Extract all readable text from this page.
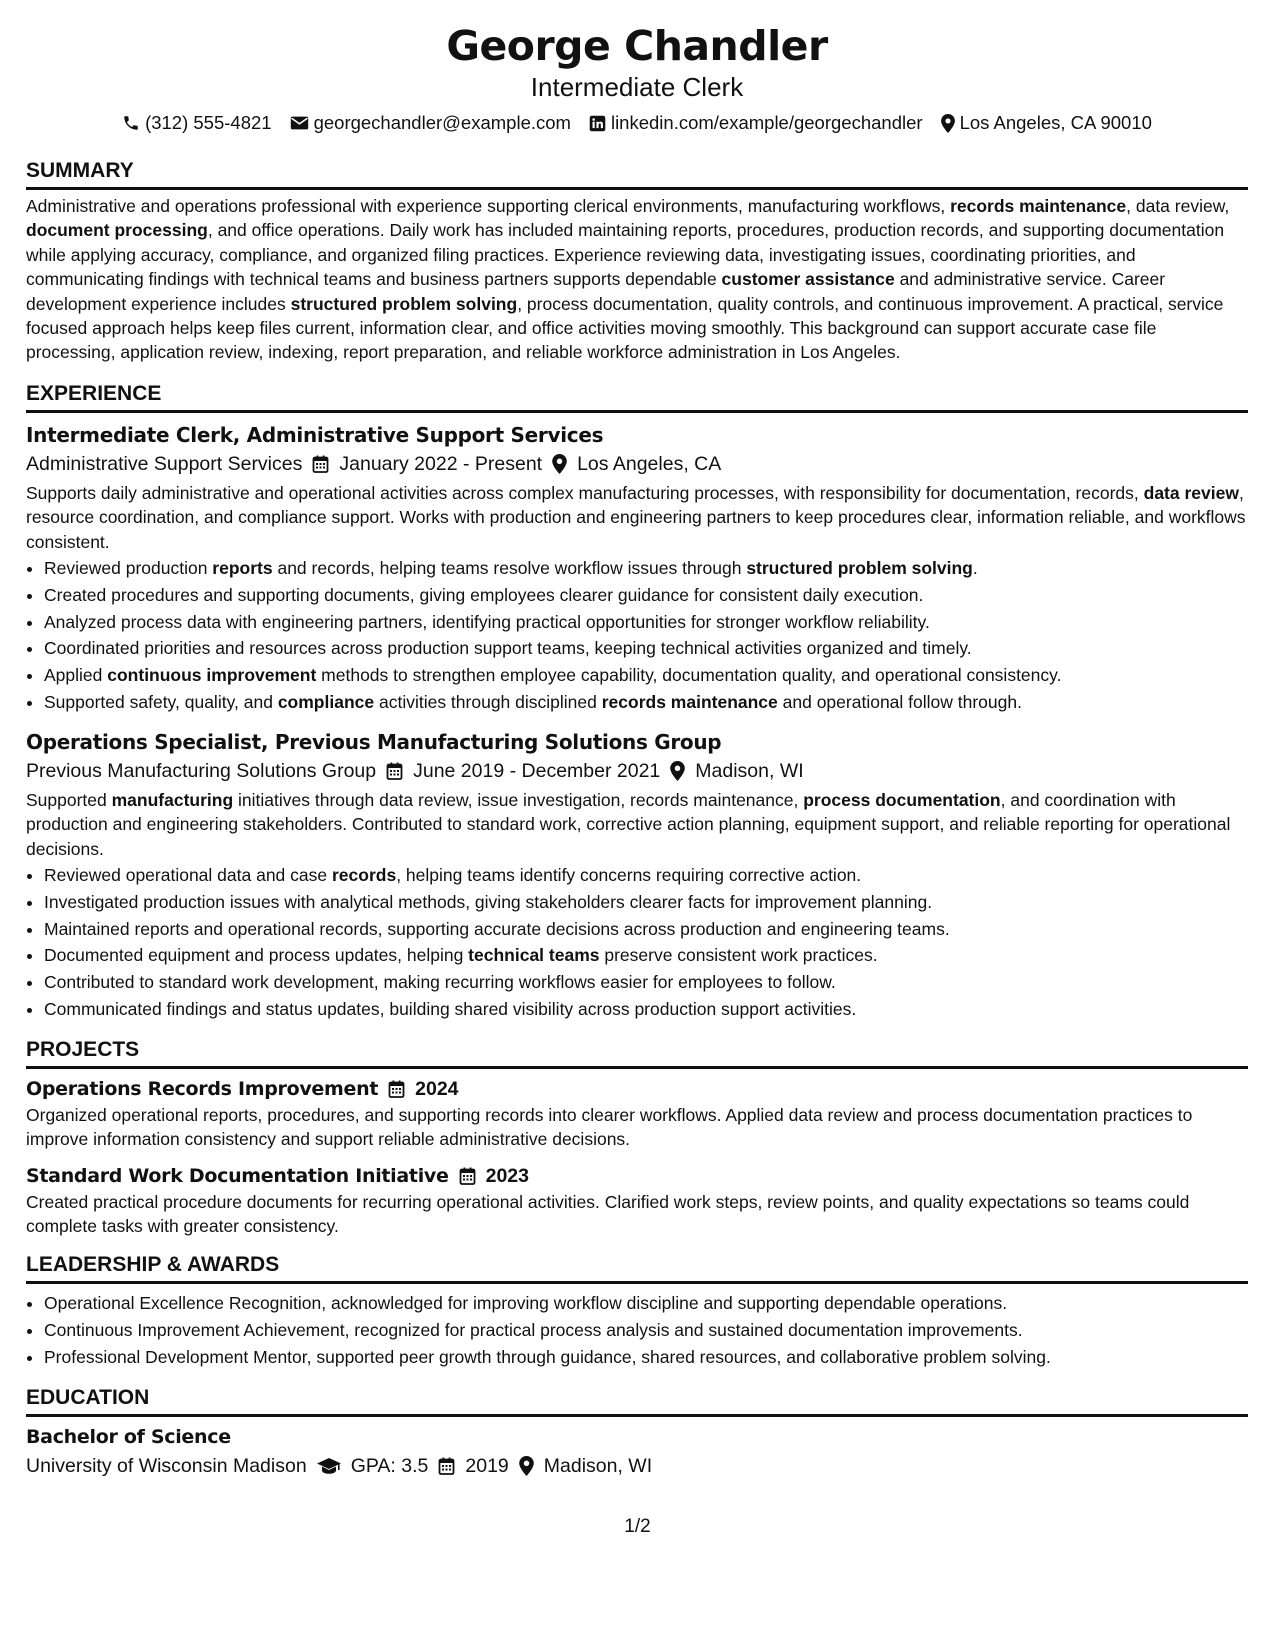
George Chandler
Intermediate Clerk
(312) 555-4821 georgechandler@example.com linkedin.com/example/georgechandler Los Angeles, CA 90010
SUMMARY

Administrative and operations professional with experience supporting clerical environments, manufacturing workflows, records maintenance, data review, document processing, and office operations. Daily work has included maintaining reports, procedures, production records, and supporting documentation while applying accuracy, compliance, and organized filing practices. Experience reviewing data, investigating issues, coordinating priorities, and communicating findings with technical teams and business partners supports dependable customer assistance and administrative service. Career development experience includes structured problem solving, process documentation, quality controls, and continuous improvement. A practical, service focused approach helps keep files current, information clear, and office activities moving smoothly. This background can support accurate case file processing, application review, indexing, report preparation, and reliable workforce administration in Los Angeles.

EXPERIENCE
Intermediate Clerk, Administrative Support Services
Administrative Support Services January 2022 - Present Los Angeles, CA

Supports daily administrative and operational activities across complex manufacturing processes, with responsibility for documentation, records, data review, resource coordination, and compliance support. Works with production and engineering partners to keep procedures clear, information reliable, and workflows consistent.

• Reviewed production reports and records, helping teams resolve workflow issues through structured problem solving.
• Created procedures and supporting documents, giving employees clearer guidance for consistent daily execution.
• Analyzed process data with engineering partners, identifying practical opportunities for stronger workflow reliability.
• Coordinated priorities and resources across production support teams, keeping technical activities organized and timely.
• Applied continuous improvement methods to strengthen employee capability, documentation quality, and operational consistency.
• Supported safety, quality, and compliance activities through disciplined records maintenance and operational follow through.
Operations Specialist, Previous Manufacturing Solutions Group
Previous Manufacturing Solutions Group June 2019 - December 2021 Madison, WI

Supported manufacturing initiatives through data review, issue investigation, records maintenance, process documentation, and coordination with production and engineering stakeholders. Contributed to standard work, corrective action planning, equipment support, and reliable reporting for operational decisions.

• Reviewed operational data and case records, helping teams identify concerns requiring corrective action.
• Investigated production issues with analytical methods, giving stakeholders clearer facts for improvement planning.
• Maintained reports and operational records, supporting accurate decisions across production and engineering teams.
• Documented equipment and process updates, helping technical teams preserve consistent work practices.
• Contributed to standard work development, making recurring workflows easier for employees to follow.
• Communicated findings and status updates, building shared visibility across production support activities.
PROJECTS
Operations Records Improvement 2024

Organized operational reports, procedures, and supporting records into clearer workflows. Applied data review and process documentation practices to improve information consistency and support reliable administrative decisions.

Standard Work Documentation Initiative 2023

Created practical procedure documents for recurring operational activities. Clarified work steps, review points, and quality expectations so teams could complete tasks with greater consistency.

LEADERSHIP & AWARDS
• Operational Excellence Recognition, acknowledged for improving workflow discipline and supporting dependable operations.
• Continuous Improvement Achievement, recognized for practical process analysis and sustained documentation improvements.
• Professional Development Mentor, supported peer growth through guidance, shared resources, and collaborative problem solving.
EDUCATION
Bachelor of Science
University of Wisconsin Madison GPA: 3.5 2019 Madison, WI
1/2
